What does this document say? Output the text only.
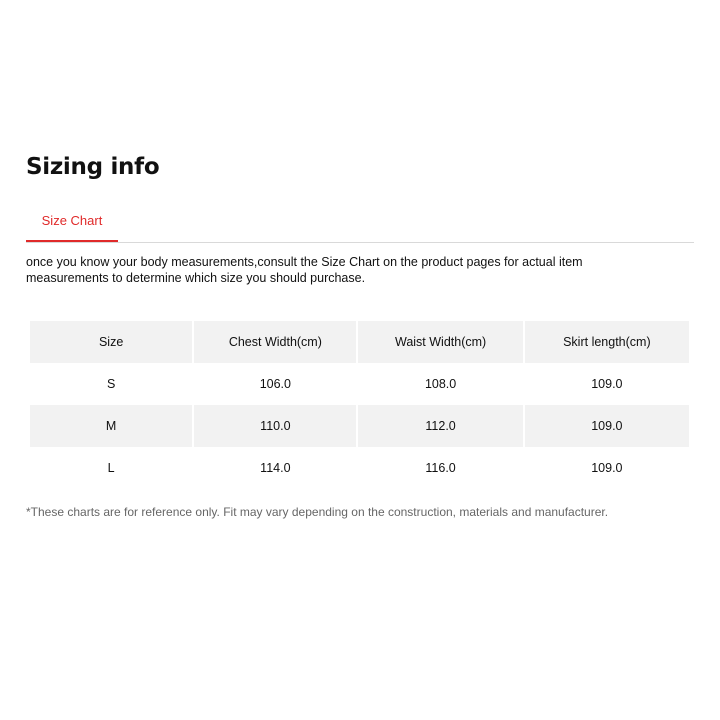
Sizing info
Size Chart

once you know your body measurements,consult the Size Chart on the product pages for actual item measurements to determine which size you should purchase.

Size	Chest Width(cm)	Waist Width(cm)	Skirt length(cm)
S	106.0	108.0	109.0
M	110.0	112.0	109.0
L	114.0	116.0	109.0

*These charts are for reference only. Fit may vary depending on the construction, materials and manufacturer.
